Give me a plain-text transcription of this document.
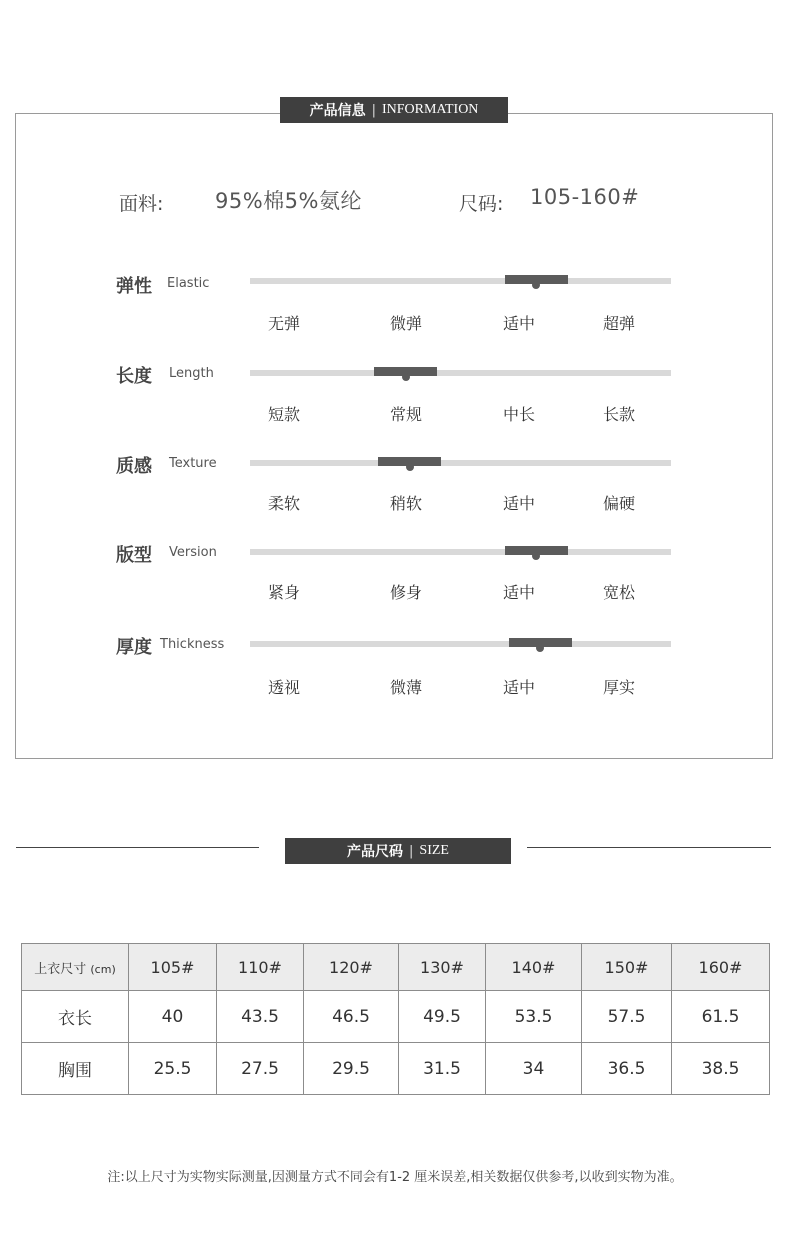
产品信息 | INFORMATION
面料: 95%棉5%氨纶	尺码: 105-160#
弹性 Elastic
无弹	微弹	适中	超弹
长度 Length
短款	常规	中长	长款
质感 Texture
柔软	稍软	适中	偏硬
版型 Version
紧身	修身	适中	宽松
厚度 Thickness
透视	微薄	适中	厚实
产品尺码 | SIZE
上衣尺寸 (cm)	105#	110#	120#	130#	140#	150#	160#
衣长	40	43.5	46.5	49.5	53.5	57.5	61.5
胸围	25.5	27.5	29.5	31.5	34	36.5	38.5
注:以上尺寸为实物实际测量,因测量方式不同会有1-2 厘米误差,相关数据仅供参考,以收到实物为准。
